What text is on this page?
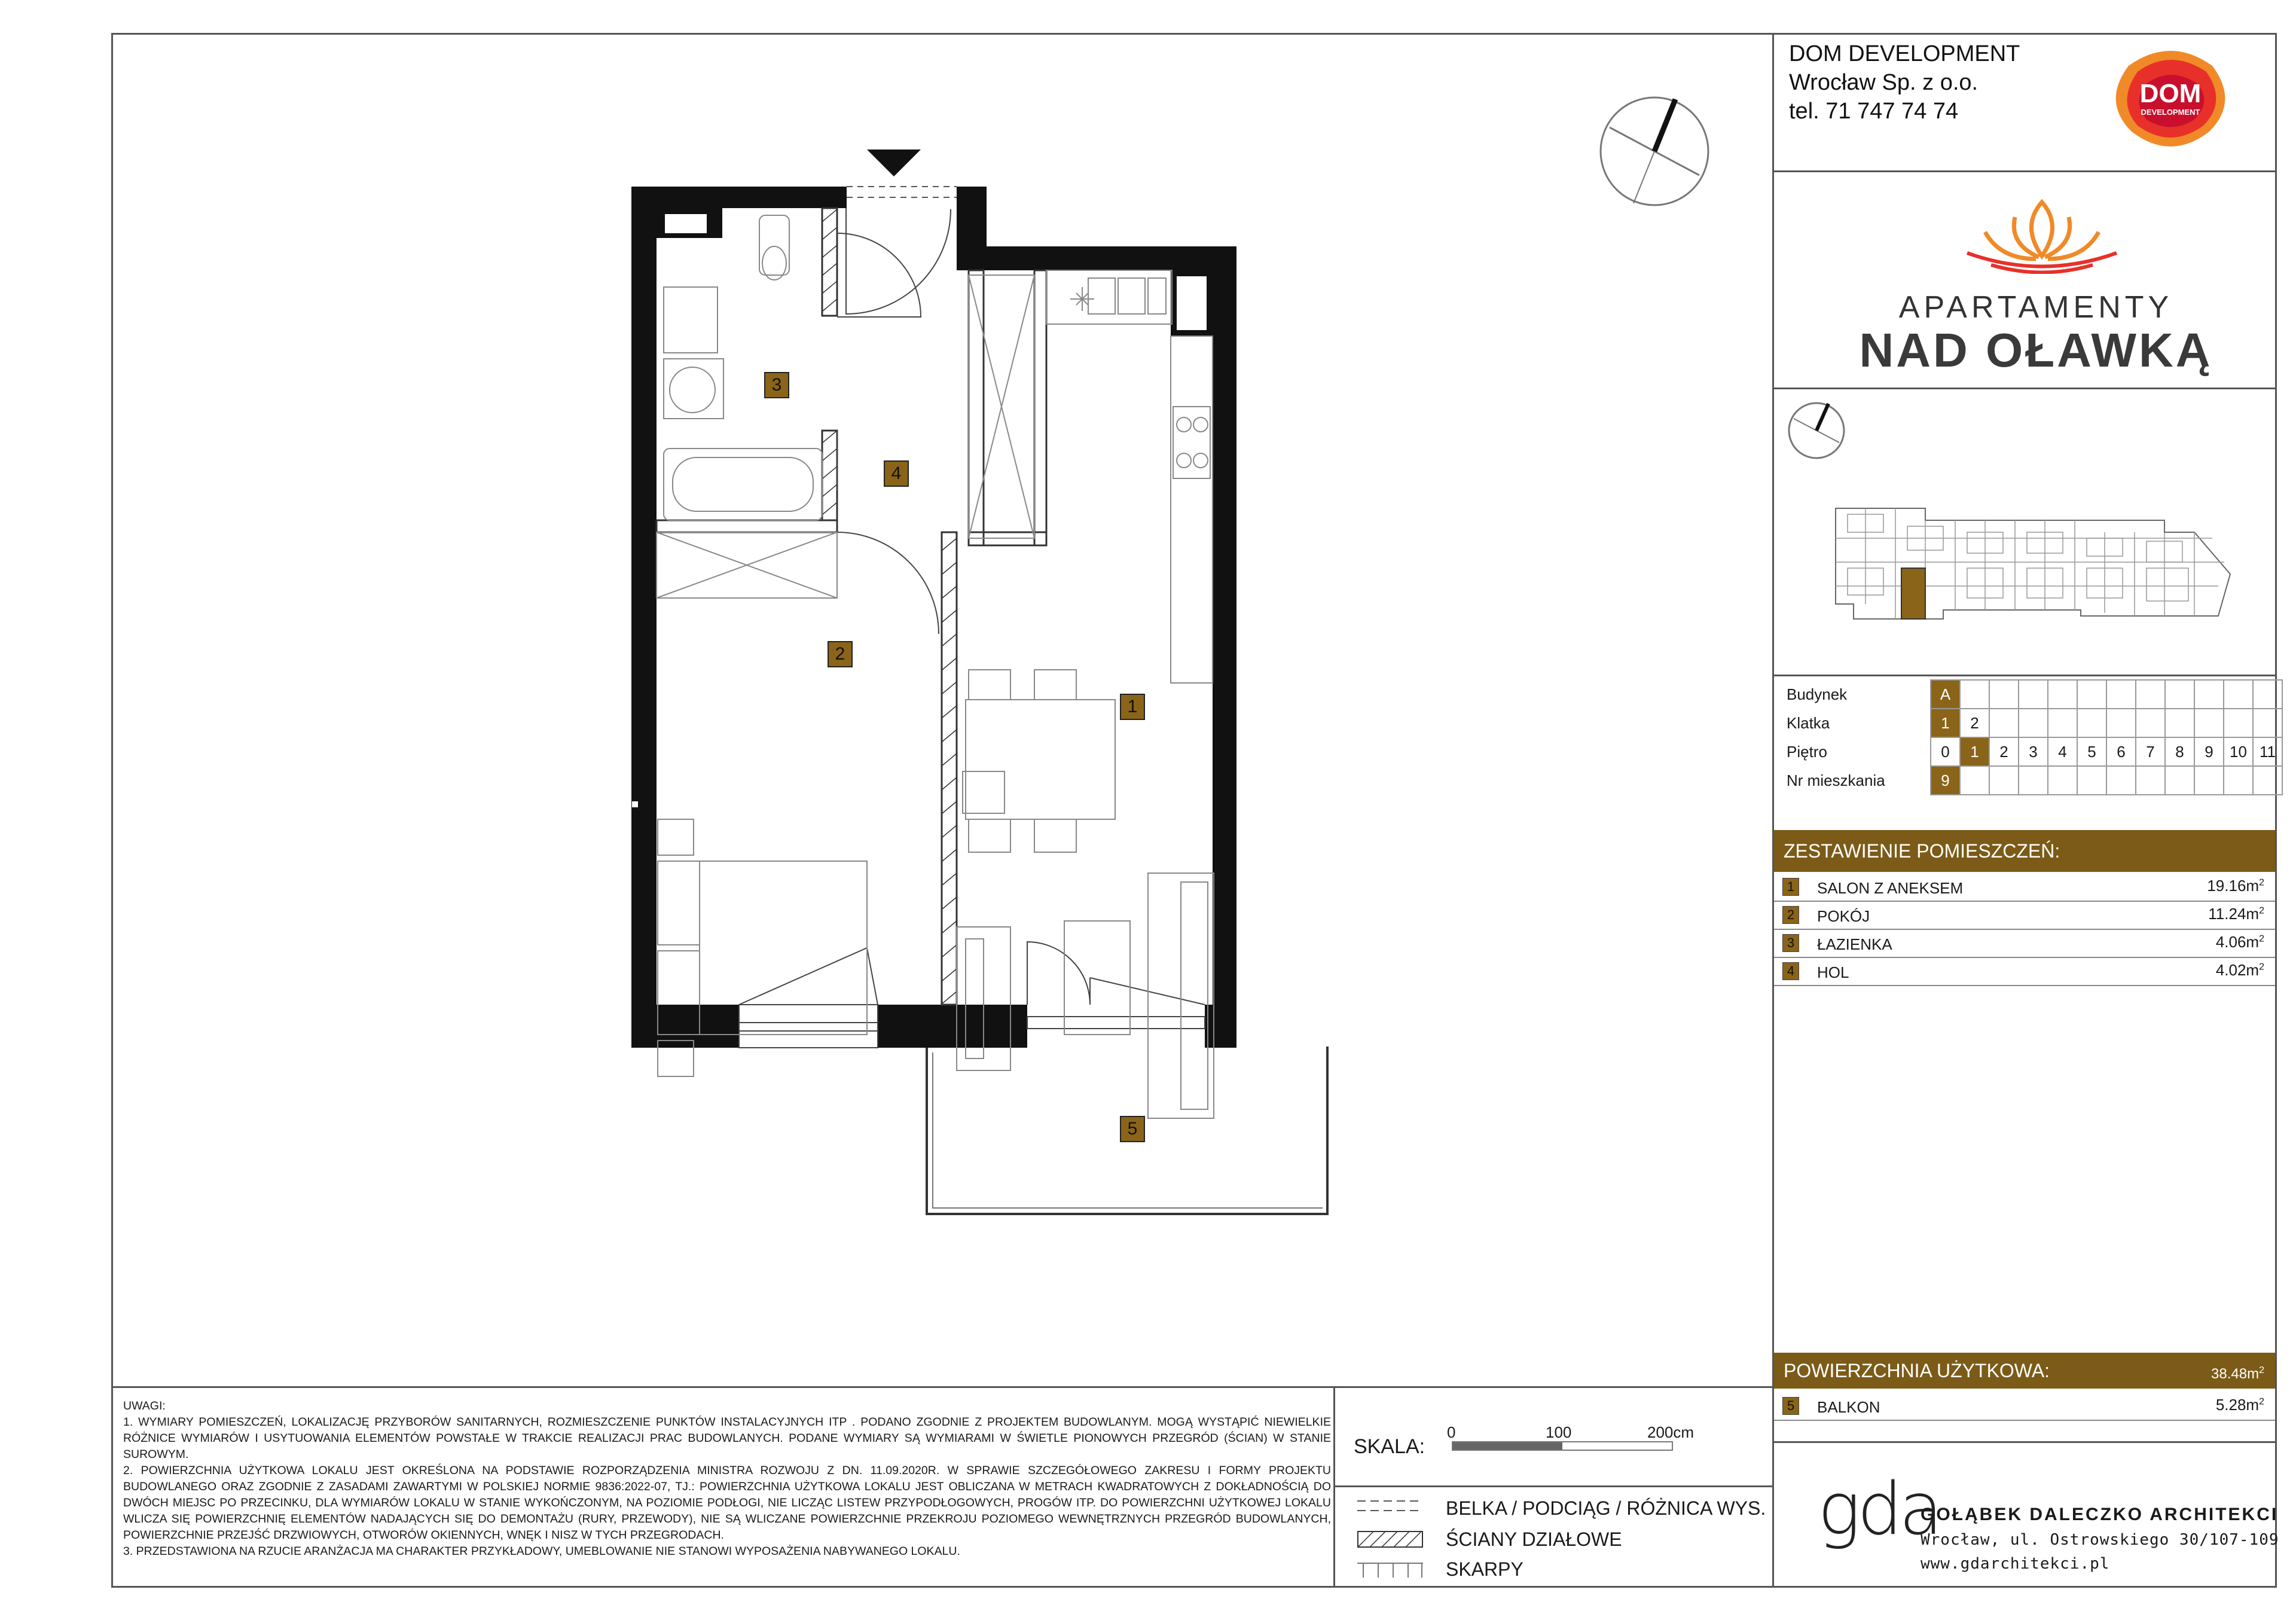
DOM DEVELOPMENT
Wrocław Sp. z o.o.
tel. 71 747 74 74
DOM
DEVELOPMENT
APARTAMENTY
NAD OŁAWKĄ
Budynek	A											
Klatka	1	2										
Piętro	0	1	2	3	4	5	6	7	8	9	10	11
Nr mieszkania	9											
ZESTAWIENIE POMIESZCZEŃ:
1	SALON Z ANEKSEM	$19.16m^2$
2	POKÓJ	$11.24m^2$
3	ŁAZIENKA	$4.06m^2$
4	HOL	$4.02m^2$
POWIERZCHNIA UŻYTKOWA:	$38.48m^2$
5	BALKON	$5.28m^2$
1
2
3
4
5
UWAGI:
1. WYMIARY POMIESZCZEŃ, LOKALIZACJĘ PRZYBORÓW SANITARNYCH, ROZMIESZCZENIE PUNKTÓW INSTALACYJNYCH ITP . PODANO ZGODNIE Z PROJEKTEM BUDOWLANYM. MOGĄ WYSTĄPIĆ NIEWIELKIE RÓŻNICE WYMIARÓW I USYTUOWANIA ELEMENTÓW POWSTAŁE W TRAKCIE REALIZACJI PRAC BUDOWLANYCH. PODANE WYMIARY SĄ WYMIARAMI W ŚWIETLE PIONOWYCH PRZEGRÓD (ŚCIAN) W STANIE SUROWYM.
2. POWIERZCHNIA UŻYTKOWA LOKALU JEST OKREŚLONA NA PODSTAWIE ROZPORZĄDZENIA MINISTRA ROZWOJU Z DN. 11.09.2020R. W SPRAWIE SZCZEGÓŁOWEGO ZAKRESU I FORMY PROJEKTU BUDOWLANEGO ORAZ ZGODNIE Z ZASADAMI ZAWARTYMI W POLSKIEJ NORMIE 9836:2022-07, TJ.: POWIERZCHNIA UŻYTKOWA LOKALU JEST OBLICZANA W METRACH KWADRATOWYCH Z DOKŁADNOŚCIĄ DO DWÓCH MIEJSC PO PRZECINKU, DLA WYMIARÓW LOKALU W STANIE WYKOŃCZONYM, NA POZIOMIE PODŁOGI, NIE LICZĄC LISTEW PRZYPODŁOGOWYCH, PROGÓW ITP. DO POWIERZCHNI UŻYTKOWEJ LOKALU WLICZA SIĘ POWIERZCHNIĘ ELEMENTÓW NADAJĄCYCH SIĘ DO DEMONTAŻU (RURY, PRZEWODY), NIE SĄ WLICZANE POWIERZCHNIE PRZEKROJU POZIOMEGO WEWNĘTRZNYCH PRZEGRÓD BUDOWLANYCH, POWIERZCHNIE PRZEJŚĆ DRZWIOWYCH, OTWORÓW OKIENNYCH, WNĘK I NISZ W TYCH PRZEGRODACH.
3. PRZEDSTAWIONA NA RZUCIE ARANŻACJA MA CHARAKTER PRZYKŁADOWY, UMEBLOWANIE NIE STANOWI WYPOSAŻENIA NABYWANEGO LOKALU.
SKALA:
0	100	200cm
BELKA / PODCIĄG / RÓŻNICA WYS.
ŚCIANY DZIAŁOWE
SKARPY
gda
GOŁĄBEK DALECZKO ARCHITEKCI
Wrocław, ul. Ostrowskiego 30/107-109
www.gdarchitekci.pl
